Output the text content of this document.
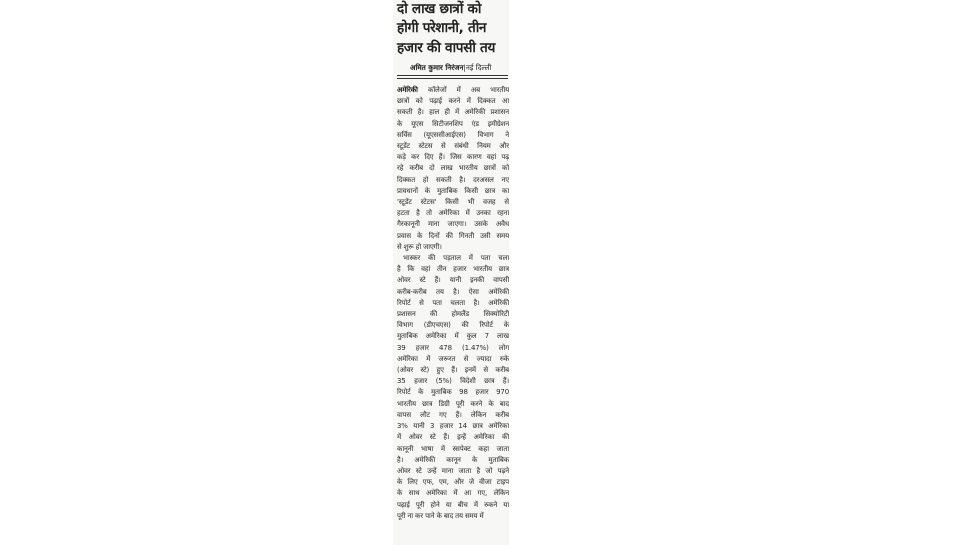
दो लाख छात्रों को
होगी परेशानी, तीन
हजार की वापसी तय
अमित कुमार निरंजन|नई दिल्ली
अमेरिकी कॉलेजों में अब भारतीय
छात्रों को पढ़ाई करने में दिक्कत आ
सकती है। हाल ही में अमेरिकी प्रशासन
के यूएस सिटीजनशिप एंड इमीग्रेशन
सर्विस (यूएससीआईएस) विभाग ने
स्टूडेंट स्टेटस से संबंधी नियम और
कड़े कर दिए हैं। जिस कारण वहां पढ़
रहे करीब दो लाख भारतीय छात्रों को
दिक्कत हो सकती है। दरअसल नए
प्रावधानों के मुताबिक किसी छात्र का
'स्टूडेंट स्टेटस' किसी भी वजह से
हटता है तो अमेरिका में उनका रहना
गैरकानूनी माना जाएगा। उसके अवैध
प्रवास के दिनों की गिनती उसी समय
से शुरू हो जाएगी।
भास्कर की पड़ताल में पता चला
है कि वहां तीन हजार भारतीय छात्र
ओवर स्टे हैं। यानी इनकी वापसी
करीब-करीब तय है। ऐसा अमेरिकी
रिपोर्ट से पता चलता है। अमेरिकी
प्रशासन की होमलैंड सिक्योरिटी
विभाग (डीएचएस) की रिपोर्ट के
मुताबिक अमेरिका में कुल 7 लाख
39 हजार 478 (1.47%) लोग
अमेरिका में जरूरत से ज्यादा रुके
(ओवर स्टे) हुए हैं। इनमें से करीब
35 हजार (5%) विदेशी छात्र हैं।
रिपोर्ट के मुताबिक 98 हजार 970
भारतीय छात्र डिग्री पूरी करने के बाद
वापस लौट गए हैं। लेकिन करीब
3% यानी 3 हजार 14 छात्र अमेरिका
में ओवर स्टे हैं। इन्हें अमेरिका की
कानूनी भाषा में स्सपेक्ट कहा जाता
है। अमेरिकी कानून के मुताबिक
ओवर स्टे उन्हें माना जाता है जो पढ़ने
के लिए एफ, एम, और जे वीजा टाइप
के साथ अमेरिका में आ गए, लेकिन
पढ़ाई पूरी होने या बीच में रुकने या
पूरी ना कर पाने के बाद तय समय में
